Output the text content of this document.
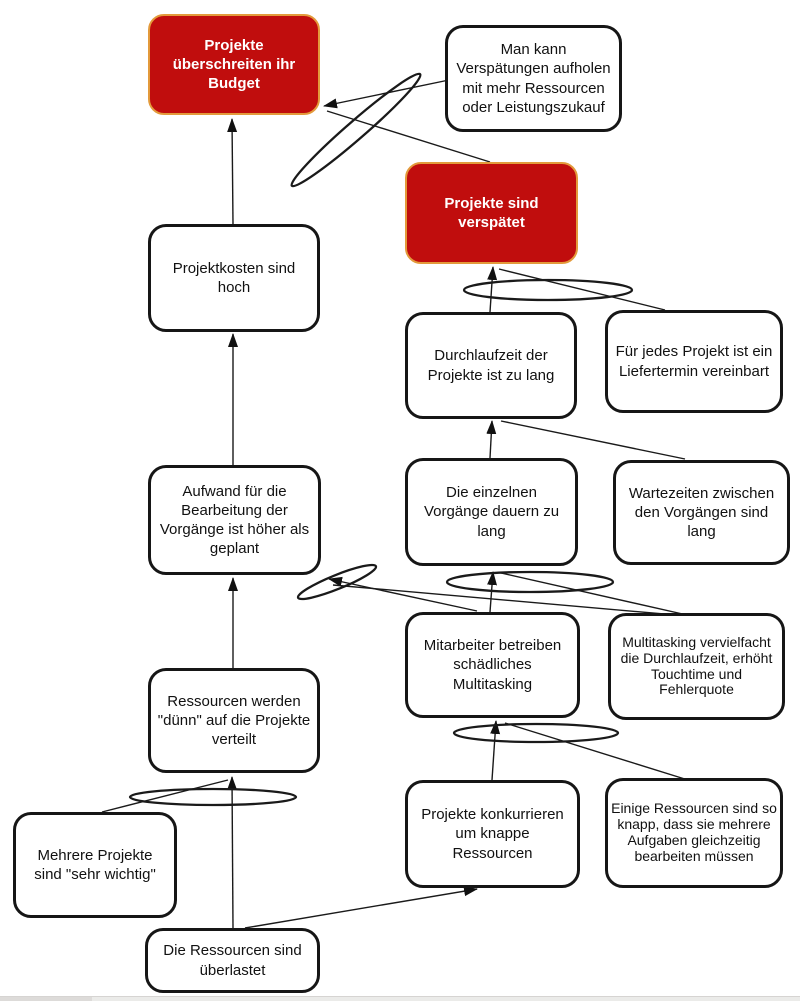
Projekte überschreiten ihr Budget
Man kann Verspätungen aufholen mit mehr Ressourcen oder Leistungszukauf
Projekte sind verspätet
Projektkosten sind hoch
Durchlaufzeit der Projekte ist zu lang
Für jedes Projekt ist ein Liefertermin vereinbart
Aufwand für die Bearbeitung der Vorgänge ist höher als geplant
Die einzelnen Vorgänge dauern zu lang
Wartezeiten zwischen den Vorgängen sind lang
Mitarbeiter betreiben schädliches Multitasking
Multitasking vervielfacht die Durchlaufzeit, erhöht Touchtime und Fehlerquote
Ressourcen werden "dünn" auf die Projekte verteilt
Projekte konkurrieren um knappe Ressourcen
Einige Ressourcen sind so knapp, dass sie mehrere Aufgaben gleichzeitig bearbeiten müssen
Mehrere Projekte sind "sehr wichtig"
Die Ressourcen sind überlastet
